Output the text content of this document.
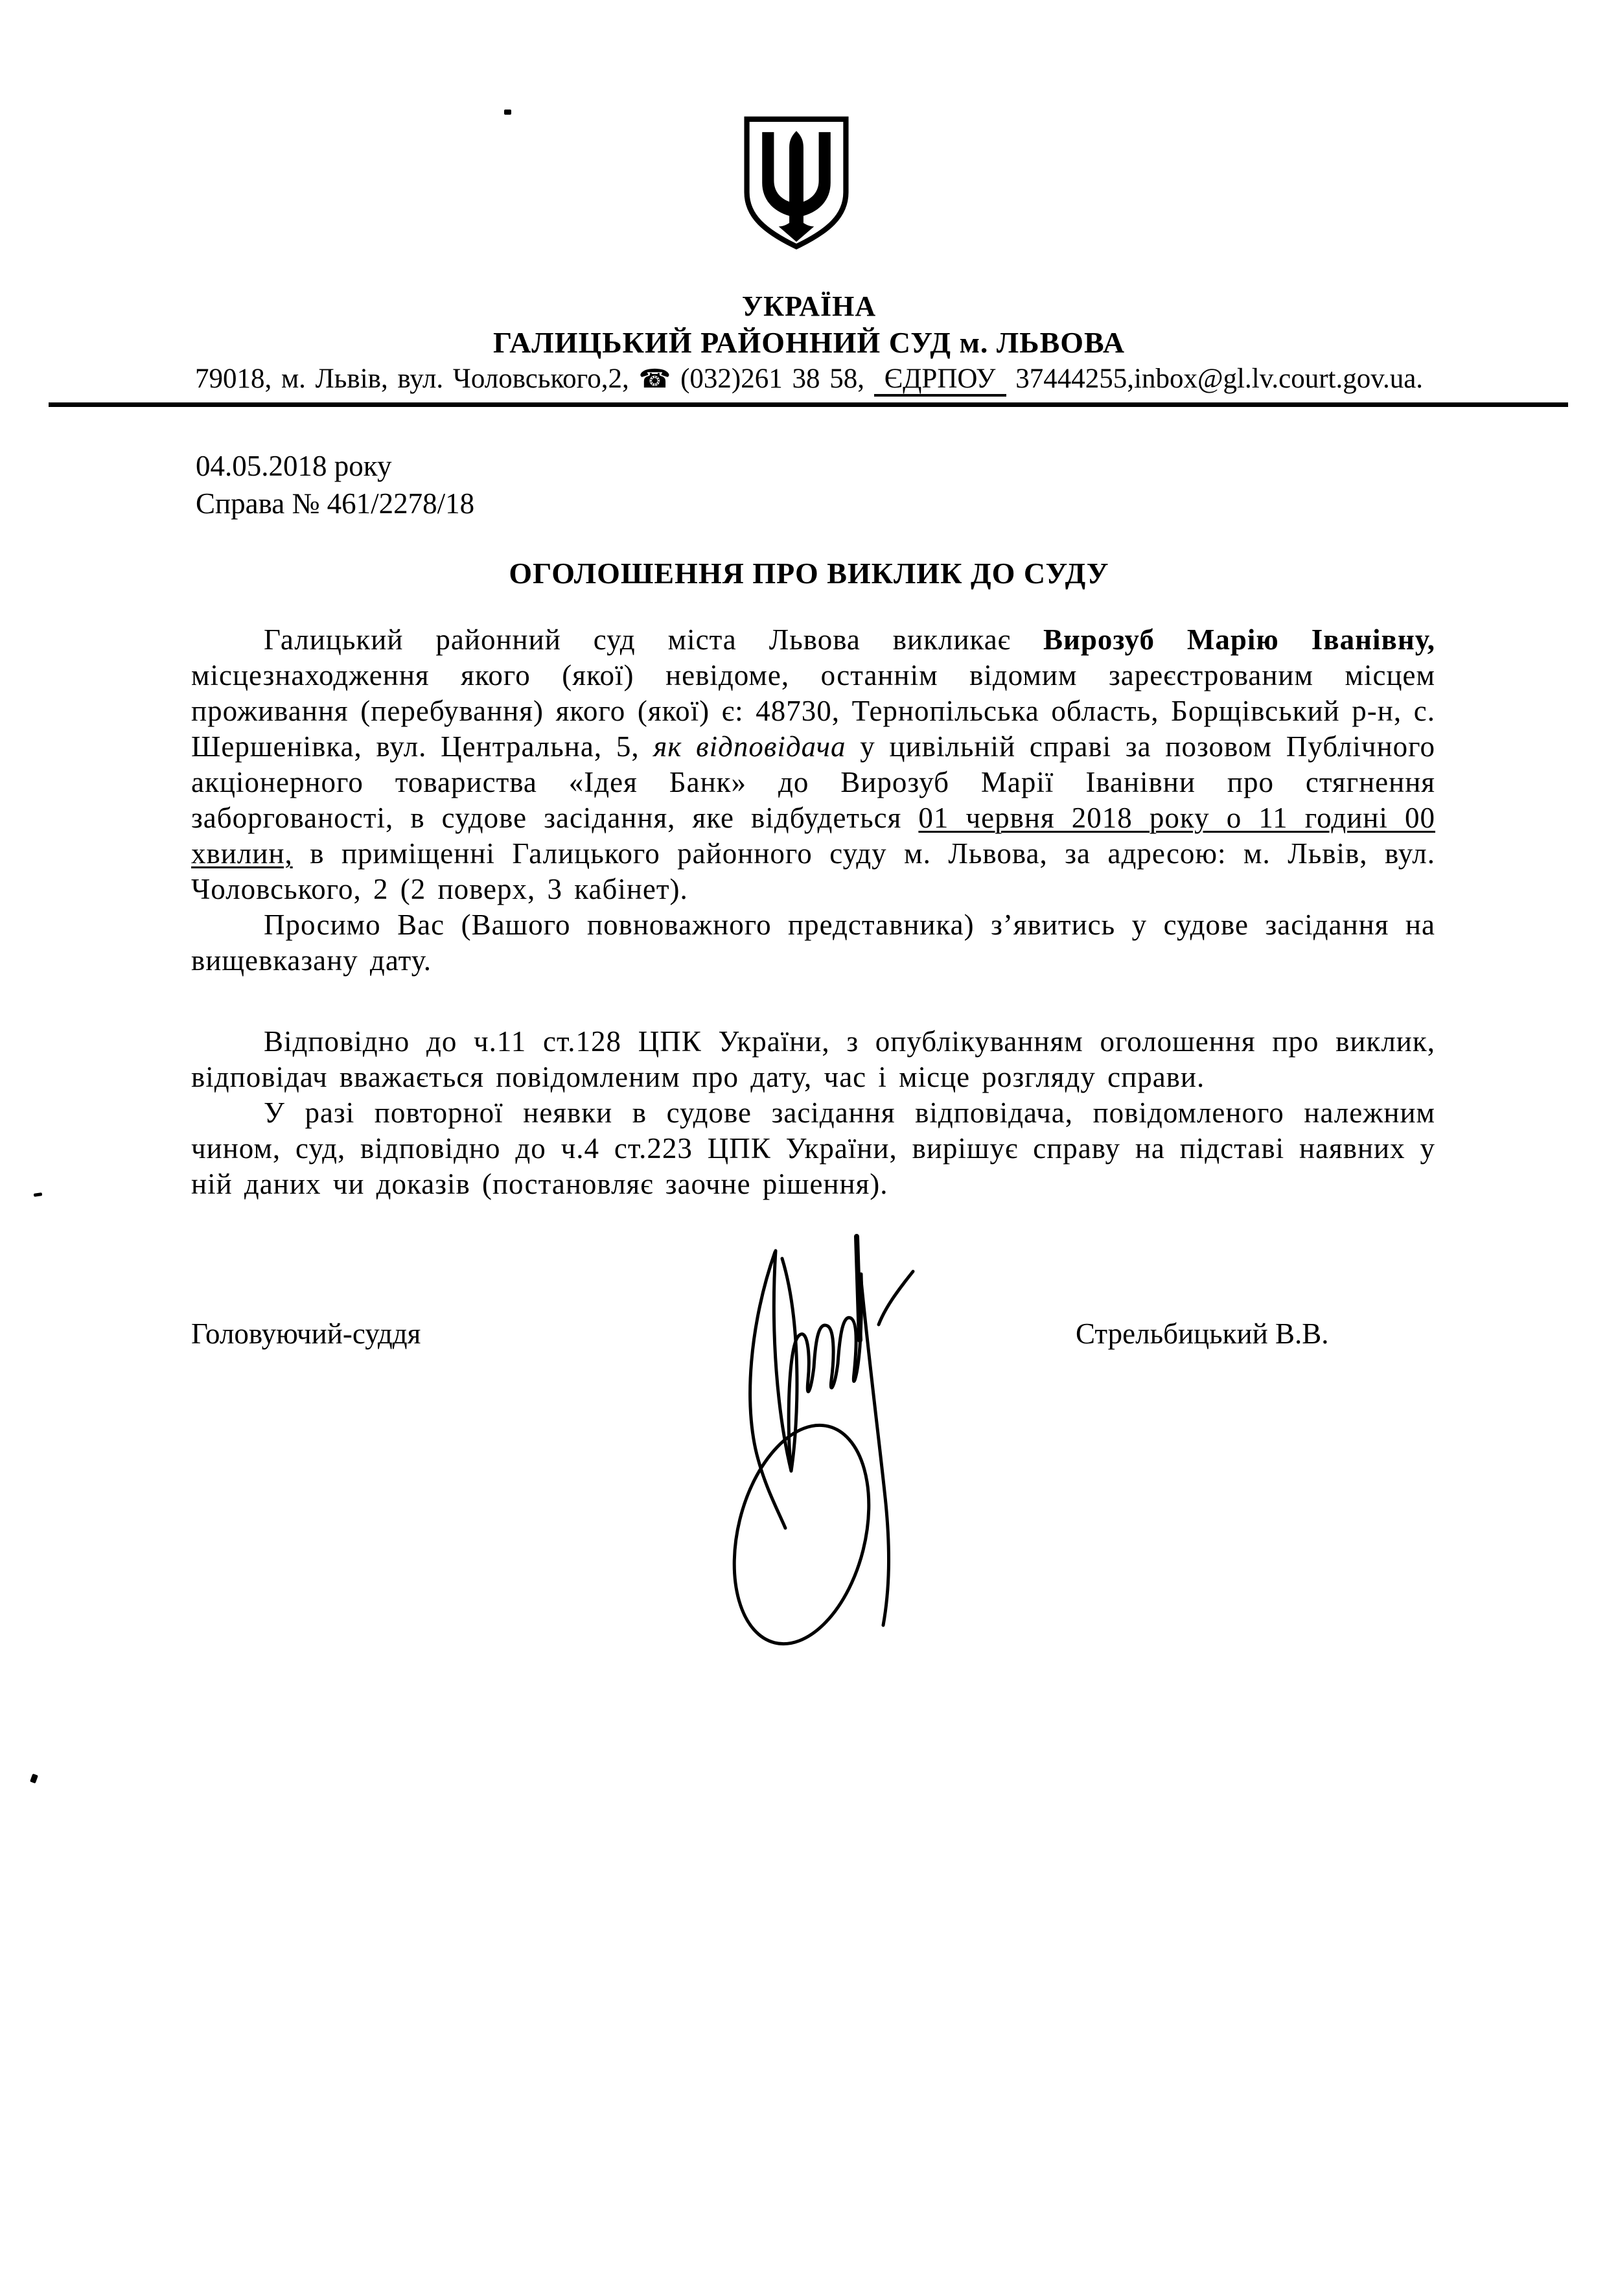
УКРАЇНА
ГАЛИЦЬКИЙ РАЙОННИЙ СУД м. ЛЬВОВА
79018, м. Львів, вул. Чоловського,2, ☎ (032)261 38 58, ЄДРПОУ 37444255,inbox@gl.lv.court.gov.ua.
04.05.2018 року
Справа № 461/2278/18
ОГОЛОШЕННЯ ПРО ВИКЛИК ДО СУДУ

Галицький районний суд міста Львова викликає Вирозуб Марію Іванівну, місцезнаходження якого (якої) невідоме, останнім відомим зареєстрованим місцем проживання (перебування) якого (якої) є: 48730, Тернопільська область, Борщівський р-н, с. Шершенівка, вул. Центральна, 5, як відповідача у цивільній справі за позовом Публічного акціонерного товариства «Ідея Банк» до Вирозуб Марії Іванівни про стягнення заборгованості, в судове засідання, яке відбудеться 01 червня 2018 року о 11 годині 00 хвилин, в приміщенні Галицького районного суду м. Львова, за адресою: м. Львів, вул. Чоловського, 2 (2 поверх, 3 кабінет).

Просимо Вас (Вашого повноважного представника) з’явитись у судове засідання на вищевказану дату.

Відповідно до ч.11 ст.128 ЦПК України, з опублікуванням оголошення про виклик, відповідач вважається повідомленим про дату, час і місце розгляду справи.

У разі повторної неявки в судове засідання відповідача, повідомленого належним чином, суд, відповідно до ч.4 ст.223 ЦПК України, вирішує справу на підставі наявних у ній даних чи доказів (постановляє заочне рішення).

Головуючий-суддя	Стрельбицький В.В.
